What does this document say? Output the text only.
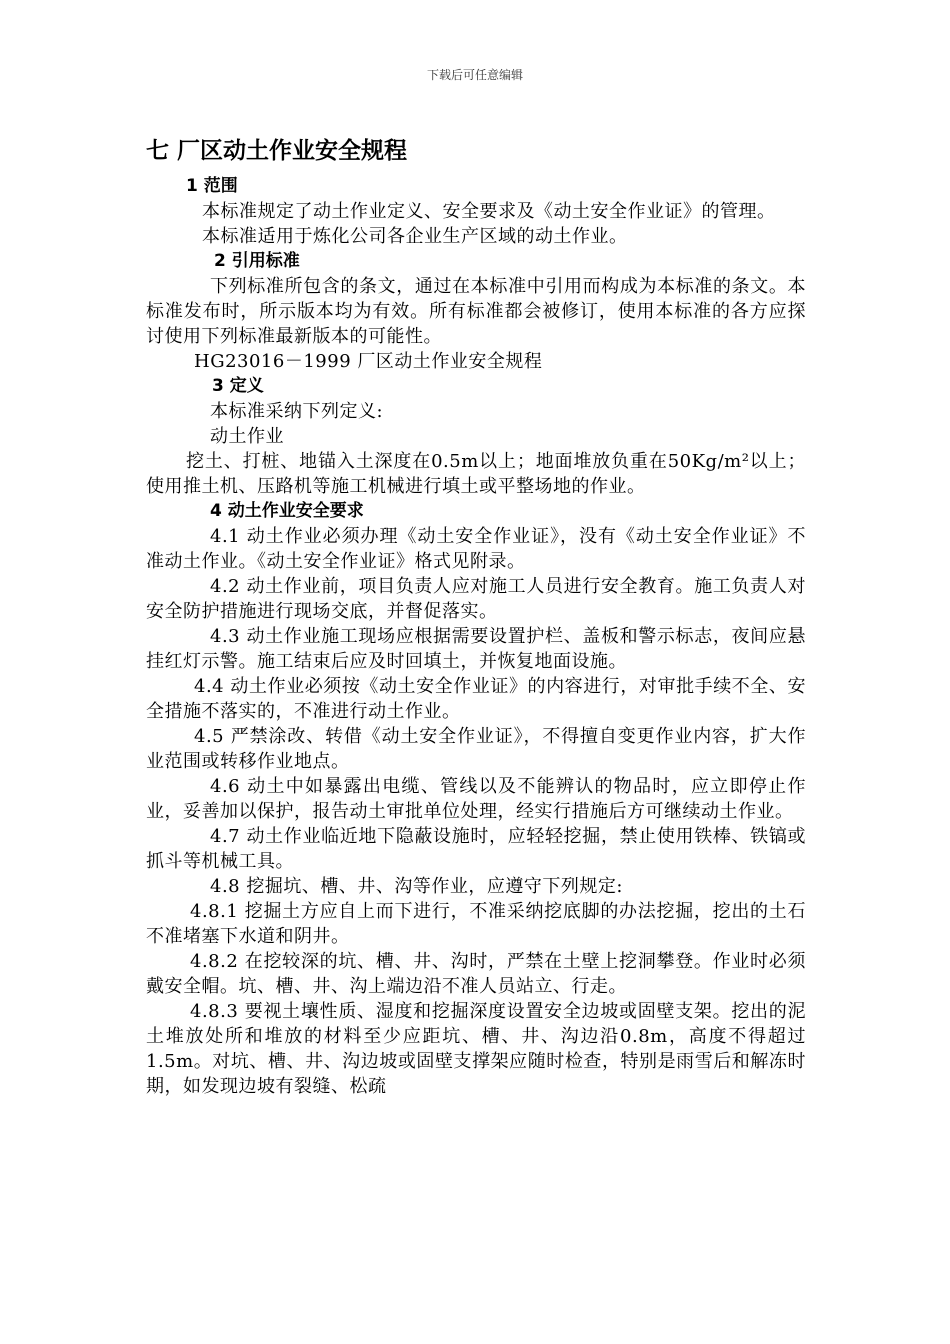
下载后可任意编辑
七 厂区动土作业安全规程
1 范围

本标准规定了动土作业定义、安全要求及《动土安全作业证》的管理。

本标准适用于炼化公司各企业生产区域的动土作业。

2 引用标准

下列标准所包含的条文，通过在本标准中引用而构成为本标准的条文。本标准发布时，所示版本均为有效。所有标准都会被修订，使用本标准的各方应探讨使用下列标准最新版本的可能性。

HG23016－1999 厂区动土作业安全规程

3 定义

本标准采纳下列定义:

动土作业

挖土、打桩、地锚入土深度在0.5m以上；地面堆放负重在50Kg/m²以上；使用推土机、压路机等施工机械进行填土或平整场地的作业。

4 动土作业安全要求

4.1 动土作业必须办理《动土安全作业证》，没有《动土安全作业证》不准动土作业。《动土安全作业证》格式见附录。

4.2 动土作业前，项目负责人应对施工人员进行安全教育。施工负责人对安全防护措施进行现场交底，并督促落实。

4.3 动土作业施工现场应根据需要设置护栏、盖板和警示标志，夜间应悬挂红灯示警。施工结束后应及时回填土，并恢复地面设施。

4.4 动土作业必须按《动土安全作业证》的内容进行，对审批手续不全、安全措施不落实的，不准进行动土作业。

4.5 严禁涂改、转借《动土安全作业证》，不得擅自变更作业内容，扩大作业范围或转移作业地点。

4.6 动土中如暴露出电缆、管线以及不能辨认的物品时，应立即停止作业，妥善加以保护，报告动土审批单位处理，经实行措施后方可继续动土作业。

4.7 动土作业临近地下隐蔽设施时，应轻轻挖掘，禁止使用铁棒、铁镐或抓斗等机械工具。

4.8 挖掘坑、槽、井、沟等作业，应遵守下列规定:

4.8.1 挖掘土方应自上而下进行，不准采纳挖底脚的办法挖掘，挖出的土石不准堵塞下水道和阴井。

4.8.2 在挖较深的坑、槽、井、沟时，严禁在土壁上挖洞攀登。作业时必须戴安全帽。坑、槽、井、沟上端边沿不准人员站立、行走。

4.8.3 要视土壤性质、湿度和挖掘深度设置安全边坡或固壁支架。挖出的泥土堆放处所和堆放的材料至少应距坑、槽、井、沟边沿0.8m，高度不得超过1.5m。对坑、槽、井、沟边坡或固壁支撑架应随时检查，特别是雨雪后和解冻时期，如发现边坡有裂缝、松疏
